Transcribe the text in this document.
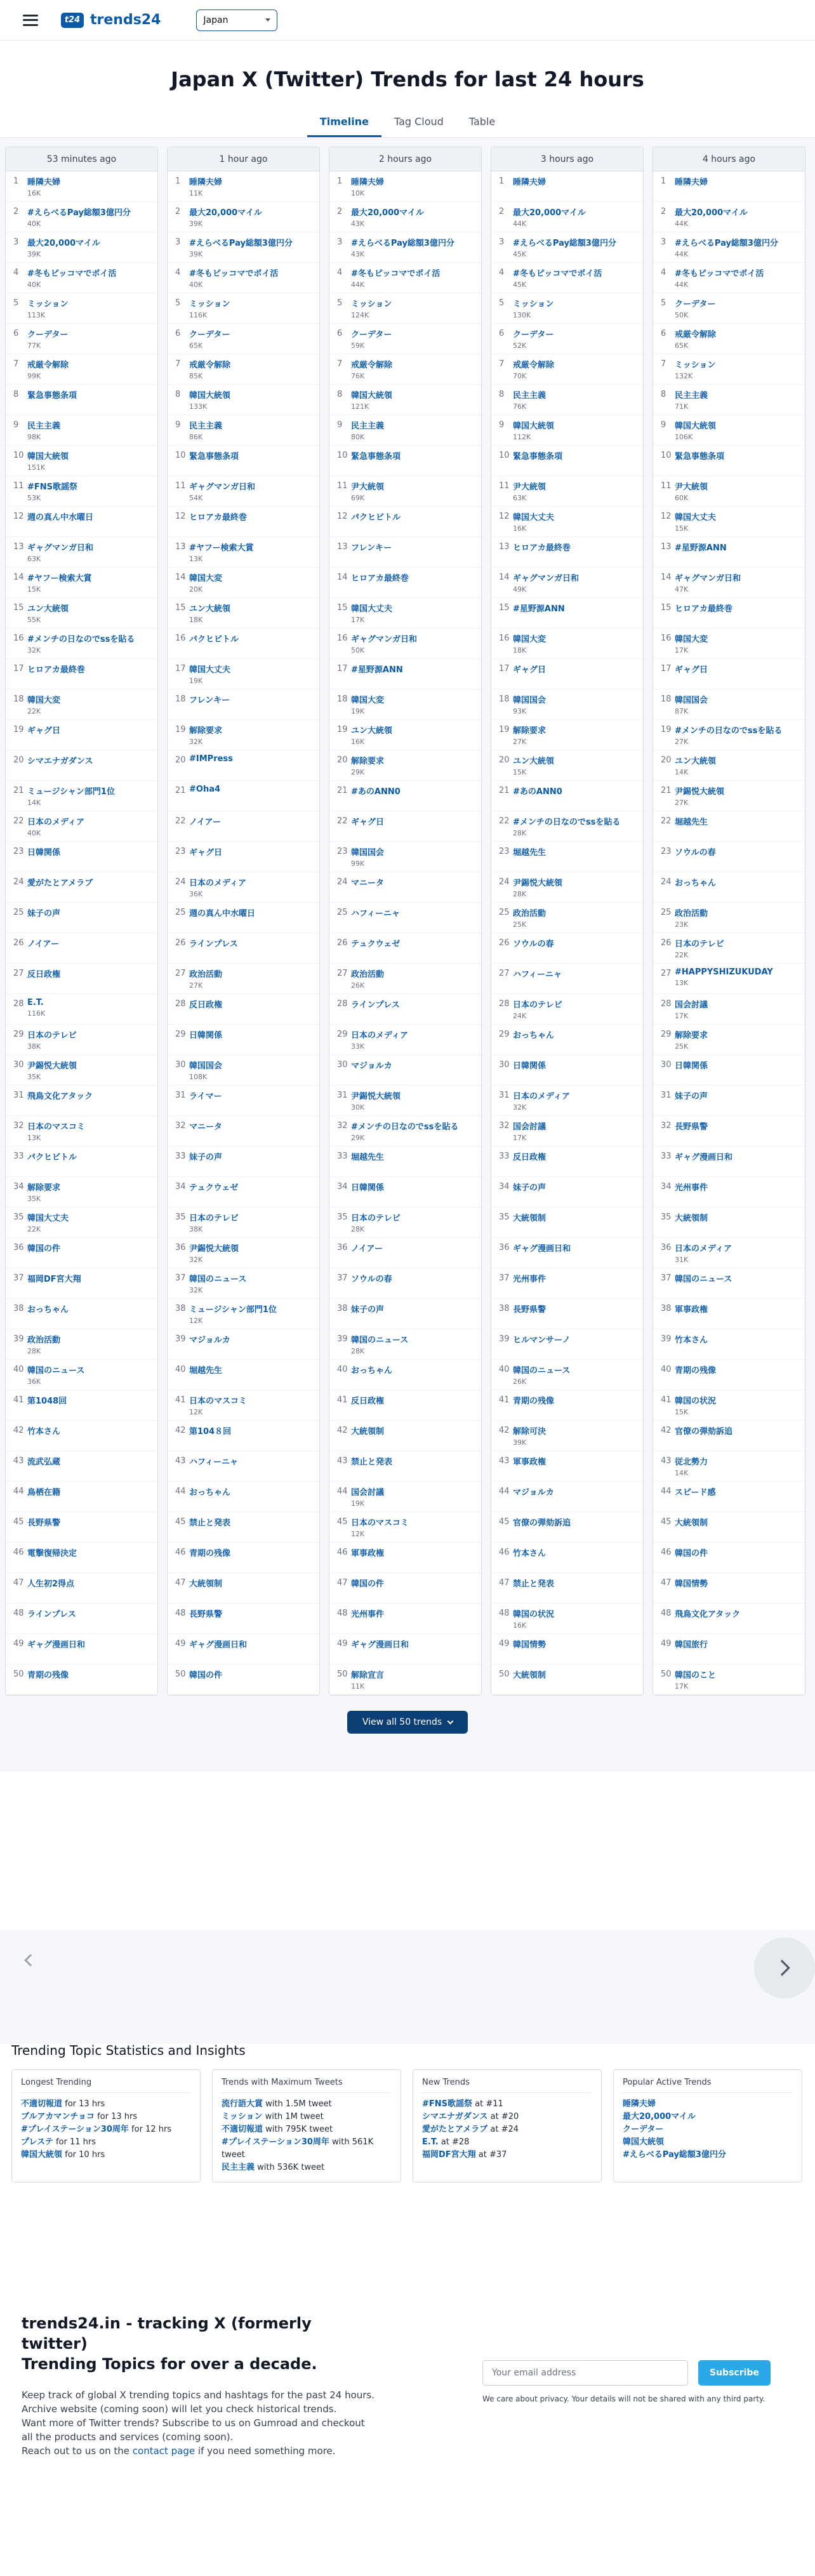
t24 trends24	Japan
Japan X (Twitter) Trends for last 24 hours
Timeline	Tag Cloud	Table
53 minutes ago
1	睡隣夫婦
16K
2	#えらべるPay総額3億円分
40K
3	最大20,000マイル
39K
4	#冬もピッコマでポイ活
40K
5	ミッション
113K
6	クーデター
77K
7	戒厳令解除
99K
8	緊急事態条項
9	民主主義
98K
10 韓国大統領
151K
11 #FNS歌謡祭
53K
12 週の真ん中水曜日
13 ギャグマンガ日和
63K
14 #ヤフー検索大賞
15K
15 ユン大統領
55K
16 #メンチの日なのでssを貼る
32K
17 ヒロアカ最終巻
18 韓国大変
22K
19 ギャグ日
20 シマエナガダンス
21 ミュージシャン部門1位
14K
22 日本のメディア
40K
23 日韓関係
24 愛がたとアメラブ
25 妹子の声
26 ノイアー
27 反日政権
28 E.T.
116K
29 日本のテレビ
38K
30 尹錫悦大統領
35K
31 飛鳥文化アタック
32 日本のマスコミ
13K
33 パクヒビトル
34 解除要求
35K
35 韓国大丈夫
22K
36 韓国の件
37 福岡DF宮大翔
38 おっちゃん
39 政治活動
28K
40 韓国のニュース
36K
41 第1048回
42 竹本さん
43 流武弘蔵
44 鳥栖在籍
45 長野県警
46 電撃復帰決定
47 人生初2得点
48 ラインプレス
49 ギャグ漫画日和
50 青期の残像
1 hour ago
1	睡隣夫婦
11K
2	最大20,000マイル
39K
3	#えらべるPay総額3億円分
39K
4	#冬もピッコマでポイ活
40K
5	ミッション
116K
6	クーデター
65K
7	戒厳令解除
85K
8	韓国大統領
133K
9	民主主義
86K
10 緊急事態条項
11 ギャグマンガ日和
54K
12 ヒロアカ最終巻
13 #ヤフー検索大賞
13K
14 韓国大変
20K
15 ユン大統領
18K
16 パクヒビトル
17 韓国大丈夫
19K
18 フレンキー
19 解除要求
32K
20 #IMPress
21 #Oha4
22 ノイアー
23 ギャグ日
24 日本のメディア
36K
25 週の真ん中水曜日
26 ラインプレス
27 政治活動
27K
28 反日政権
29 日韓関係
30 韓国国会
108K
31 ライマー
32 マニータ
33 妹子の声
34 テュクウェゼ
35 日本のテレビ
38K
36 尹錫悦大統領
32K
37 韓国のニュース
32K
38 ミュージシャン部門1位
12K
39 マジョルカ
40 堀越先生
41 日本のマスコミ
12K
42 第104８回
43 ハフィーニャ
44 おっちゃん
45 禁止と発表
46 青期の残像
47 大統領制
48 長野県警
49 ギャグ漫画日和
50 韓国の件
2 hours ago
1	睡隣夫婦
10K
2	最大20,000マイル
43K
3	#えらべるPay総額3億円分
43K
4	#冬もピッコマでポイ活
44K
5	ミッション
124K
6	クーデター
59K
7	戒厳令解除
76K
8	韓国大統領
121K
9	民主主義
80K
10 緊急事態条項
11 尹大統領
69K
12 パクヒビトル
13 フレンキー
14 ヒロアカ最終巻
15 韓国大丈夫
17K
16 ギャグマンガ日和
50K
17 #星野源ANN
18 韓国大変
19K
19 ユン大統領
16K
20 解除要求
29K
21 #あのANN0
22 ギャグ日
23 韓国国会
99K
24 マニータ
25 ハフィーニャ
26 テュクウェゼ
27 政治活動
26K
28 ラインプレス
29 日本のメディア
33K
30 マジョルカ
31 尹錫悦大統領
30K
32 #メンチの日なのでssを貼る
29K
33 堀越先生
34 日韓関係
35 日本のテレビ
28K
36 ノイアー
37 ソウルの春
38 妹子の声
39 韓国のニュース
28K
40 おっちゃん
41 反日政権
42 大統領制
43 禁止と発表
44 国会討議
19K
45 日本のマスコミ
12K
46 軍事政権
47 韓国の件
48 光州事件
49 ギャグ漫画日和
50 解除宣言
11K
3 hours ago
1	睡隣夫婦
2	最大20,000マイル
44K
3	#えらべるPay総額3億円分
45K
4	#冬もピッコマでポイ活
45K
5	ミッション
130K
6	クーデター
52K
7	戒厳令解除
70K
8	民主主義
76K
9	韓国大統領
112K
10 緊急事態条項
11 尹大統領
63K
12 韓国大丈夫
16K
13 ヒロアカ最終巻
14 ギャグマンガ日和
49K
15 #星野源ANN
16 韓国大変
18K
17 ギャグ日
18 韓国国会
93K
19 解除要求
27K
20 ユン大統領
15K
21 #あのANN0
22 #メンチの日なのでssを貼る
28K
23 堀越先生
24 尹錫悦大統領
28K
25 政治活動
25K
26 ソウルの春
27 ハフィーニャ
28 日本のテレビ
24K
29 おっちゃん
30 日韓関係
31 日本のメディア
32K
32 国会討議
17K
33 反日政権
34 妹子の声
35 大統領制
36 ギャグ漫画日和
37 光州事件
38 長野県警
39 ヒルマンサーノ
40 韓国のニュース
26K
41 青期の残像
42 解除可決
39K
43 軍事政権
44 マジョルカ
45 官僚の弾劾訴追
46 竹本さん
47 禁止と発表
48 韓国の状況
16K
49 韓国情勢
50 大統領制
4 hours ago
1	睡隣夫婦
2	最大20,000マイル
44K
3	#えらべるPay総額3億円分
44K
4	#冬もピッコマでポイ活
44K
5	クーデター
50K
6	戒厳令解除
65K
7	ミッション
132K
8	民主主義
71K
9	韓国大統領
106K
10 緊急事態条項
11 尹大統領
60K
12 韓国大丈夫
15K
13 #星野源ANN
14 ギャグマンガ日和
47K
15 ヒロアカ最終巻
16 韓国大変
17K
17 ギャグ日
18 韓国国会
87K
19 #メンチの日なのでssを貼る
27K
20 ユン大統領
14K
21 尹錫悦大統領
27K
22 堀越先生
23 ソウルの春
24 おっちゃん
25 政治活動
23K
26 日本のテレビ
22K
27 #HAPPYSHIZUKUDAY
13K
28 国会討議
17K
29 解除要求
25K
30 日韓関係
31 妹子の声
32 長野県警
33 ギャグ漫画日和
34 光州事件
35 大統領制
36 日本のメディア
31K
37 韓国のニュース
38 軍事政権
39 竹本さん
40 青期の残像
41 韓国の状況
15K
42 官僚の弾劾訴追
43 従北勢力
14K
44 スピード感
45 大統領制
46 韓国の件
47 韓国情勢
48 飛鳥文化アタック
49 韓国旅行
50 韓国のこと
17K
View all 50 trends
Trending Topic Statistics and Insights
Longest Trending
不適切報道 for 13 hrs
ブルアカマンチョコ for 13 hrs
#プレイステーション30周年 for 12 hrs
プレステ for 11 hrs
韓国大統領 for 10 hrs
Trends with Maximum Tweets
流行語大賞 with 1.5M tweet
ミッション with 1M tweet
不適切報道 with 795K tweet
#プレイステーション30周年 with 561K tweet
民主主義 with 536K tweet
New Trends
#FNS歌謡祭 at #11
シマエナガダンス at #20
愛がたとアメラブ at #24
E.T. at #28
福岡DF宮大翔 at #37
Popular Active Trends
睡隣夫婦
最大20,000マイル
クーデター
韓国大統領
#えらべるPay総額3億円分
trends24.in - tracking X (formerly twitter)
Trending Topics for over a decade.

Keep track of global X trending topics and hashtags for the past 24 hours.
Archive website (coming soon) will let you check historical trends.
Want more of Twitter trends? Subscribe to us on Gumroad and checkout all the products and services (coming soon).
Reach out to us on the contact page if you need something more.

Your email address	Subscribe
We care about privacy. Your details will not be shared with any third party.
